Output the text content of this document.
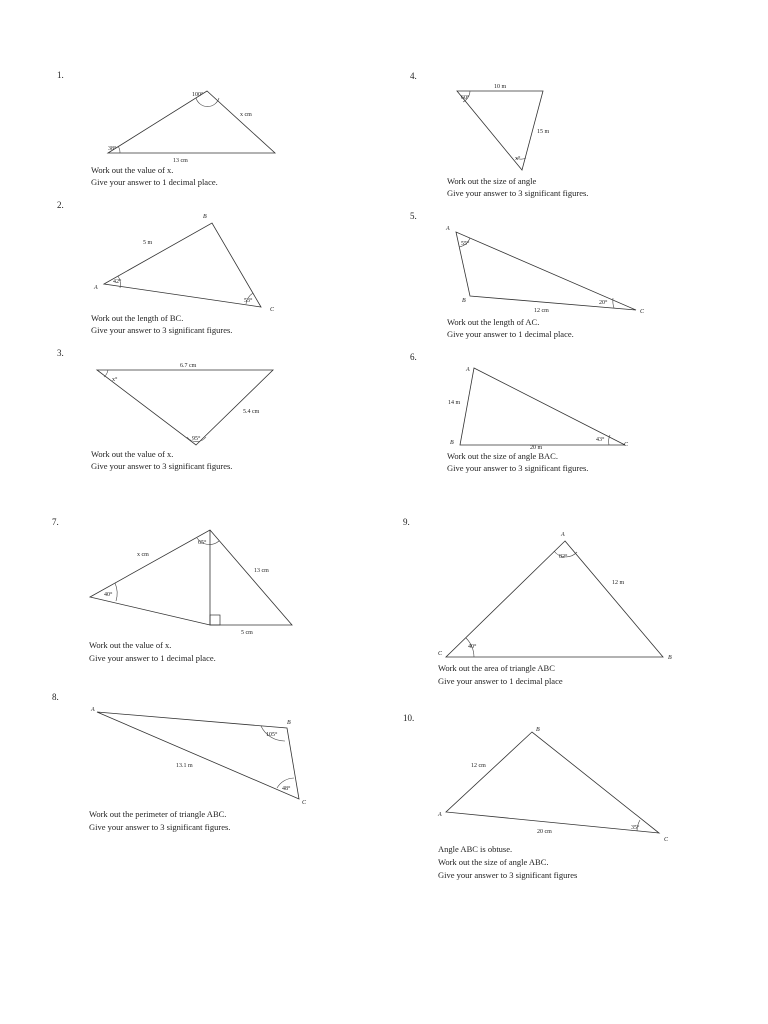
1.
100°
38°
x cm
13 cm
Work out the value of x.
Give your answer to 1 decimal place.
2.
A
B
C
5 m
42°
53°
Work out the length of BC.
Give your answer to 3 significant figures.
3.
6.7 cm
5.4 cm
x°
95°
Work out the value of x.
Give your answer to 3 significant figures.
4.
10 m
15 m
60°
x°
Work out the size of angle
Give your answer to 3 significant figures.
5.
A
B
C
55°
20°
12 cm
Work out the length of AC.
Give your answer to 1 decimal place.
6.
A
B	C
14 m
20 m
43°
Work out the size of angle BAC.
Give your answer to 3 significant figures.
7.
x cm
13 cm
5 cm
65°
40°
Work out the value of x.
Give your answer to 1 decimal place.
8.
A
B
C
105°
48°
13.1 m
Work out the perimeter of triangle ABC.
Give your answer to 3 significant figures.
9.
A
C
B
82°
40°
12 m
Work out the area of triangle ABC
Give your answer to 1 decimal place
10.
B
A
C
12 cm
20 cm
35°
Angle ABC is obtuse.
Work out the size of angle ABC.
Give your answer to 3 significant figures
